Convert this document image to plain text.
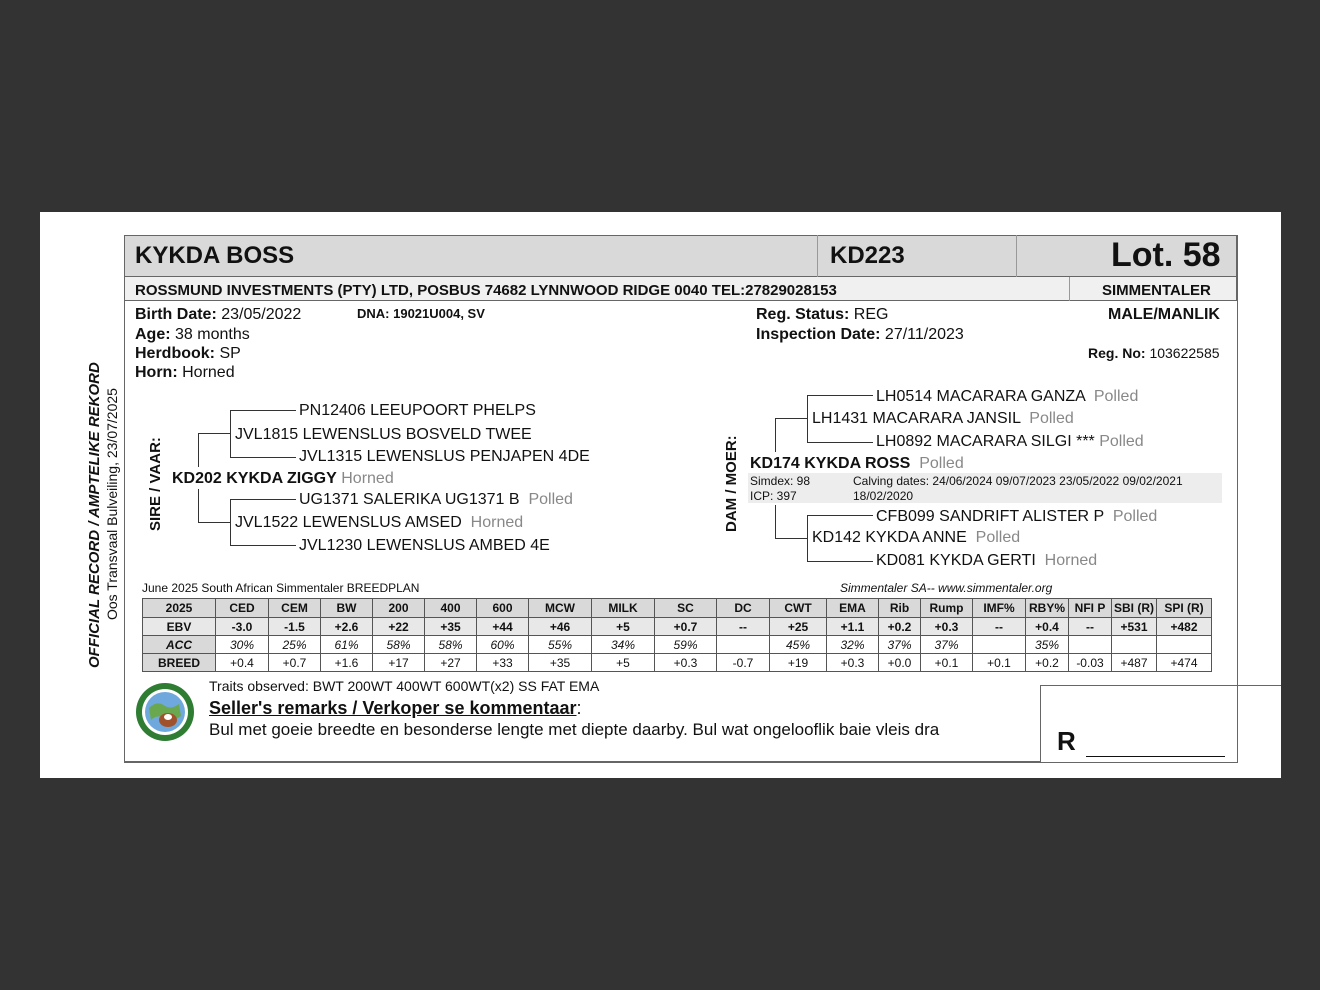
OFFICIAL RECORD / AMPTELIKE REKORD Oos Transvaal Bulveiling, 23/07/2025
KYKDA BOSS	KD223	Lot. 58
ROSSMUND INVESTMENTS (PTY) LTD, POSBUS 74682 LYNNWOOD RIDGE 0040 TEL:27829028153	SIMMENTALER
Birth Date: 23/05/2022
Age: 38 months
Herdbook: SP
Horn: Horned
DNA: 19021U004, SV	Reg. Status: REG
Inspection Date: 27/11/2023
MALE/MANLIK
Reg. No: 103622585
SIRE / VAAR:
PN12406 LEEUPOORT PHELPS
JVL1815 LEWENSLUS BOSVELD TWEE
JVL1315 LEWENSLUS PENJAPEN 4DE
KD202 KYKDA ZIGGY Horned
UG1371 SALERIKA UG1371 B Polled
JVL1522 LEWENSLUS AMSED Horned
JVL1230 LEWENSLUS AMBED 4E
DAM / MOER:
LH0514 MACARARA GANZA Polled
LH1431 MACARARA JANSIL Polled
LH0892 MACARARA SILGI *** Polled
KD174 KYKDA ROSS Polled
Simdex: 98
ICP: 397
Calving dates: 24/06/2024 09/07/2023 23/05/2022 09/02/2021
18/02/2020
CFB099 SANDRIFT ALISTER P Polled
KD142 KYKDA ANNE Polled
KD081 KYKDA GERTI Horned
June 2025 South African Simmentaler BREEDPLAN	Simmentaler SA-- www.simmentaler.org
2025	CED	CEM	BW	200	400	600	MCW	MILK	SC	DC	CWT	EMA	Rib	Rump	IMF%	RBY%	NFI P	SBI (R)	SPI (R)
EBV	-3.0	-1.5	+2.6	+22	+35	+44	+46	+5	+0.7	--	+25	+1.1	+0.2	+0.3	--	+0.4	--	+531	+482
ACC	30%	25%	61%	58%	58%	60%	55%	34%	59%		45%	32%	37%	37%		35%			
BREED	+0.4	+0.7	+1.6	+17	+27	+33	+35	+5	+0.3	-0.7	+19	+0.3	+0.0	+0.1	+0.1	+0.2	-0.03	+487	+474
Traits observed: BWT 200WT 400WT 600WT(x2) SS FAT EMA
Seller's remarks / Verkoper se kommentaar:
Bul met goeie breedte en besonderse lengte met diepte daarby. Bul wat ongelooflik baie vleis dra	R
